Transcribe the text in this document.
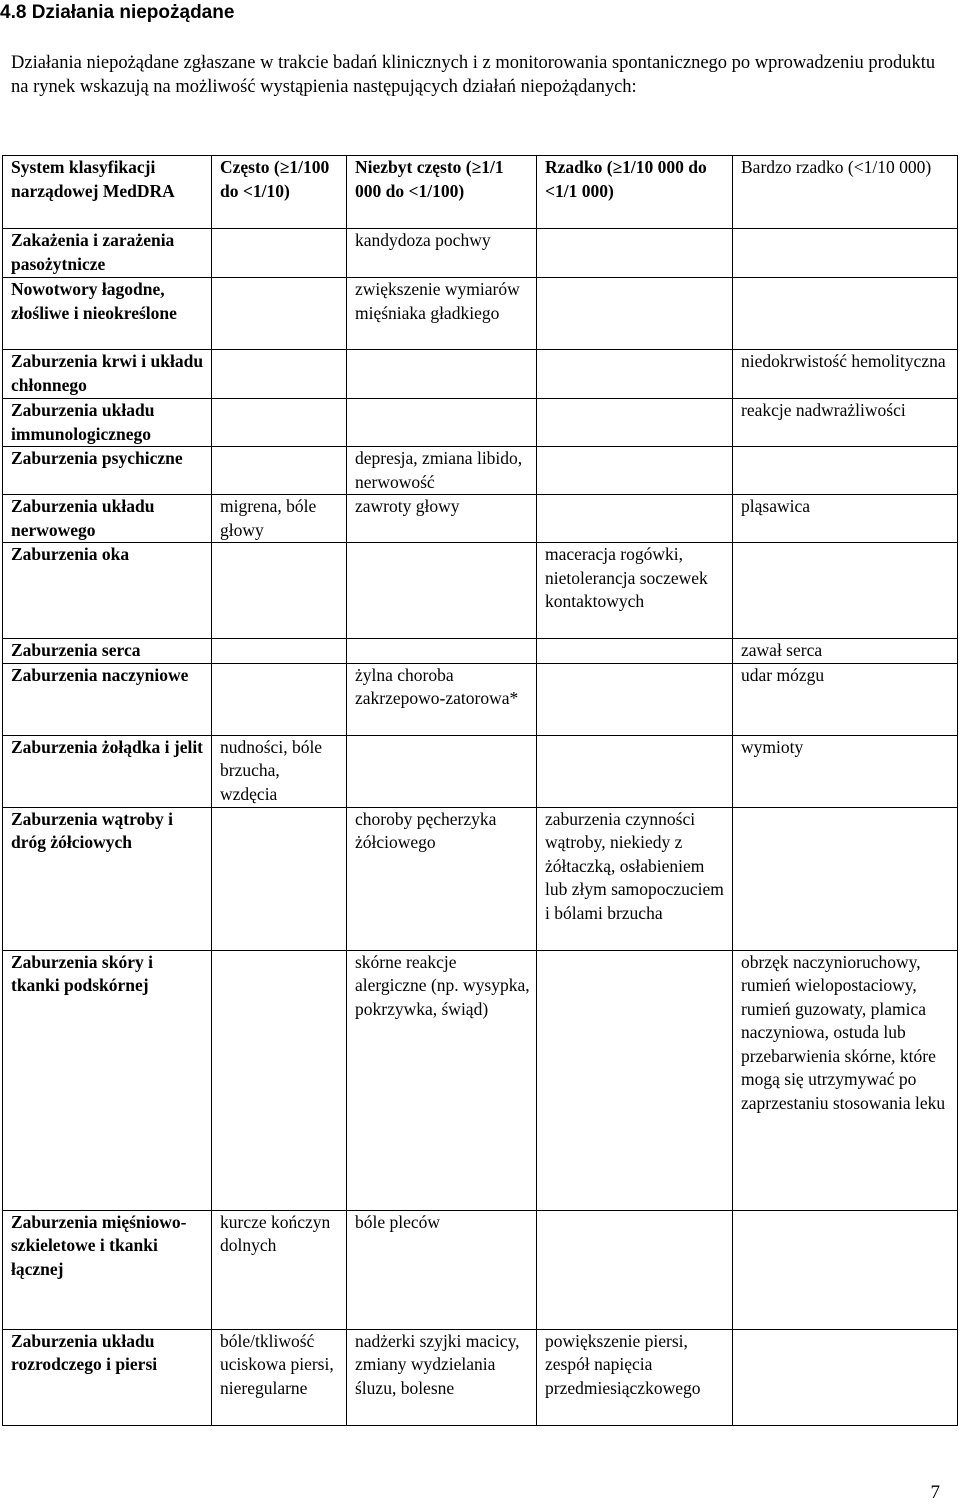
4.8 Działania niepożądane
Działania niepożądane zgłaszane w trakcie badań klinicznych i z monitorowania spontanicznego po wprowadzeniu produktu na rynek wskazują na możliwość wystąpienia następujących działań niepożądanych:
System klasyfikacji narządowej MedDRA	Często (≥1/100 do <1/10)	Niezbyt często (≥1/1 000 do <1/100)	Rzadko (≥1/10 000 do <1/1 000)	Bardzo rzadko (<1/10 000)
Zakażenia i zarażenia pasożytnicze		kandydoza pochwy		
Nowotwory łagodne, złośliwe i nieokreślone		zwiększenie wymiarów mięśniaka gładkiego		
Zaburzenia krwi i układu chłonnego				niedokrwistość hemolityczna
Zaburzenia układu immunologicznego				reakcje nadwrażliwości
Zaburzenia psychiczne		depresja, zmiana libido, nerwowość		
Zaburzenia układu nerwowego	migrena, bóle głowy	zawroty głowy		pląsawica
Zaburzenia oka			maceracja rogówki, nietolerancja soczewek kontaktowych	
Zaburzenia serca				zawał serca
Zaburzenia naczyniowe		żylna choroba zakrzepowo-zatorowa*		udar mózgu
Zaburzenia żołądka i jelit	nudności, bóle brzucha, wzdęcia			wymioty
Zaburzenia wątroby i dróg żółciowych		choroby pęcherzyka żółciowego	zaburzenia czynności wątroby, niekiedy z żółtaczką, osłabieniem lub złym samopoczuciem i bólami brzucha	
Zaburzenia skóry i tkanki podskórnej		skórne reakcje alergiczne (np. wysypka, pokrzywka, świąd)		obrzęk naczynioruchowy, rumień wielopostaciowy, rumień guzowaty, plamica naczyniowa, ostuda lub przebarwienia skórne, które mogą się utrzymywać po zaprzestaniu stosowania leku
Zaburzenia mięśniowo-szkieletowe i tkanki łącznej	kurcze kończyn dolnych	bóle pleców		
Zaburzenia układu rozrodczego i piersi	bóle/tkliwość uciskowa piersi, nieregularne	nadżerki szyjki macicy, zmiany wydzielania śluzu, bolesne	powiększenie piersi, zespół napięcia przedmiesiączkowego	
7
